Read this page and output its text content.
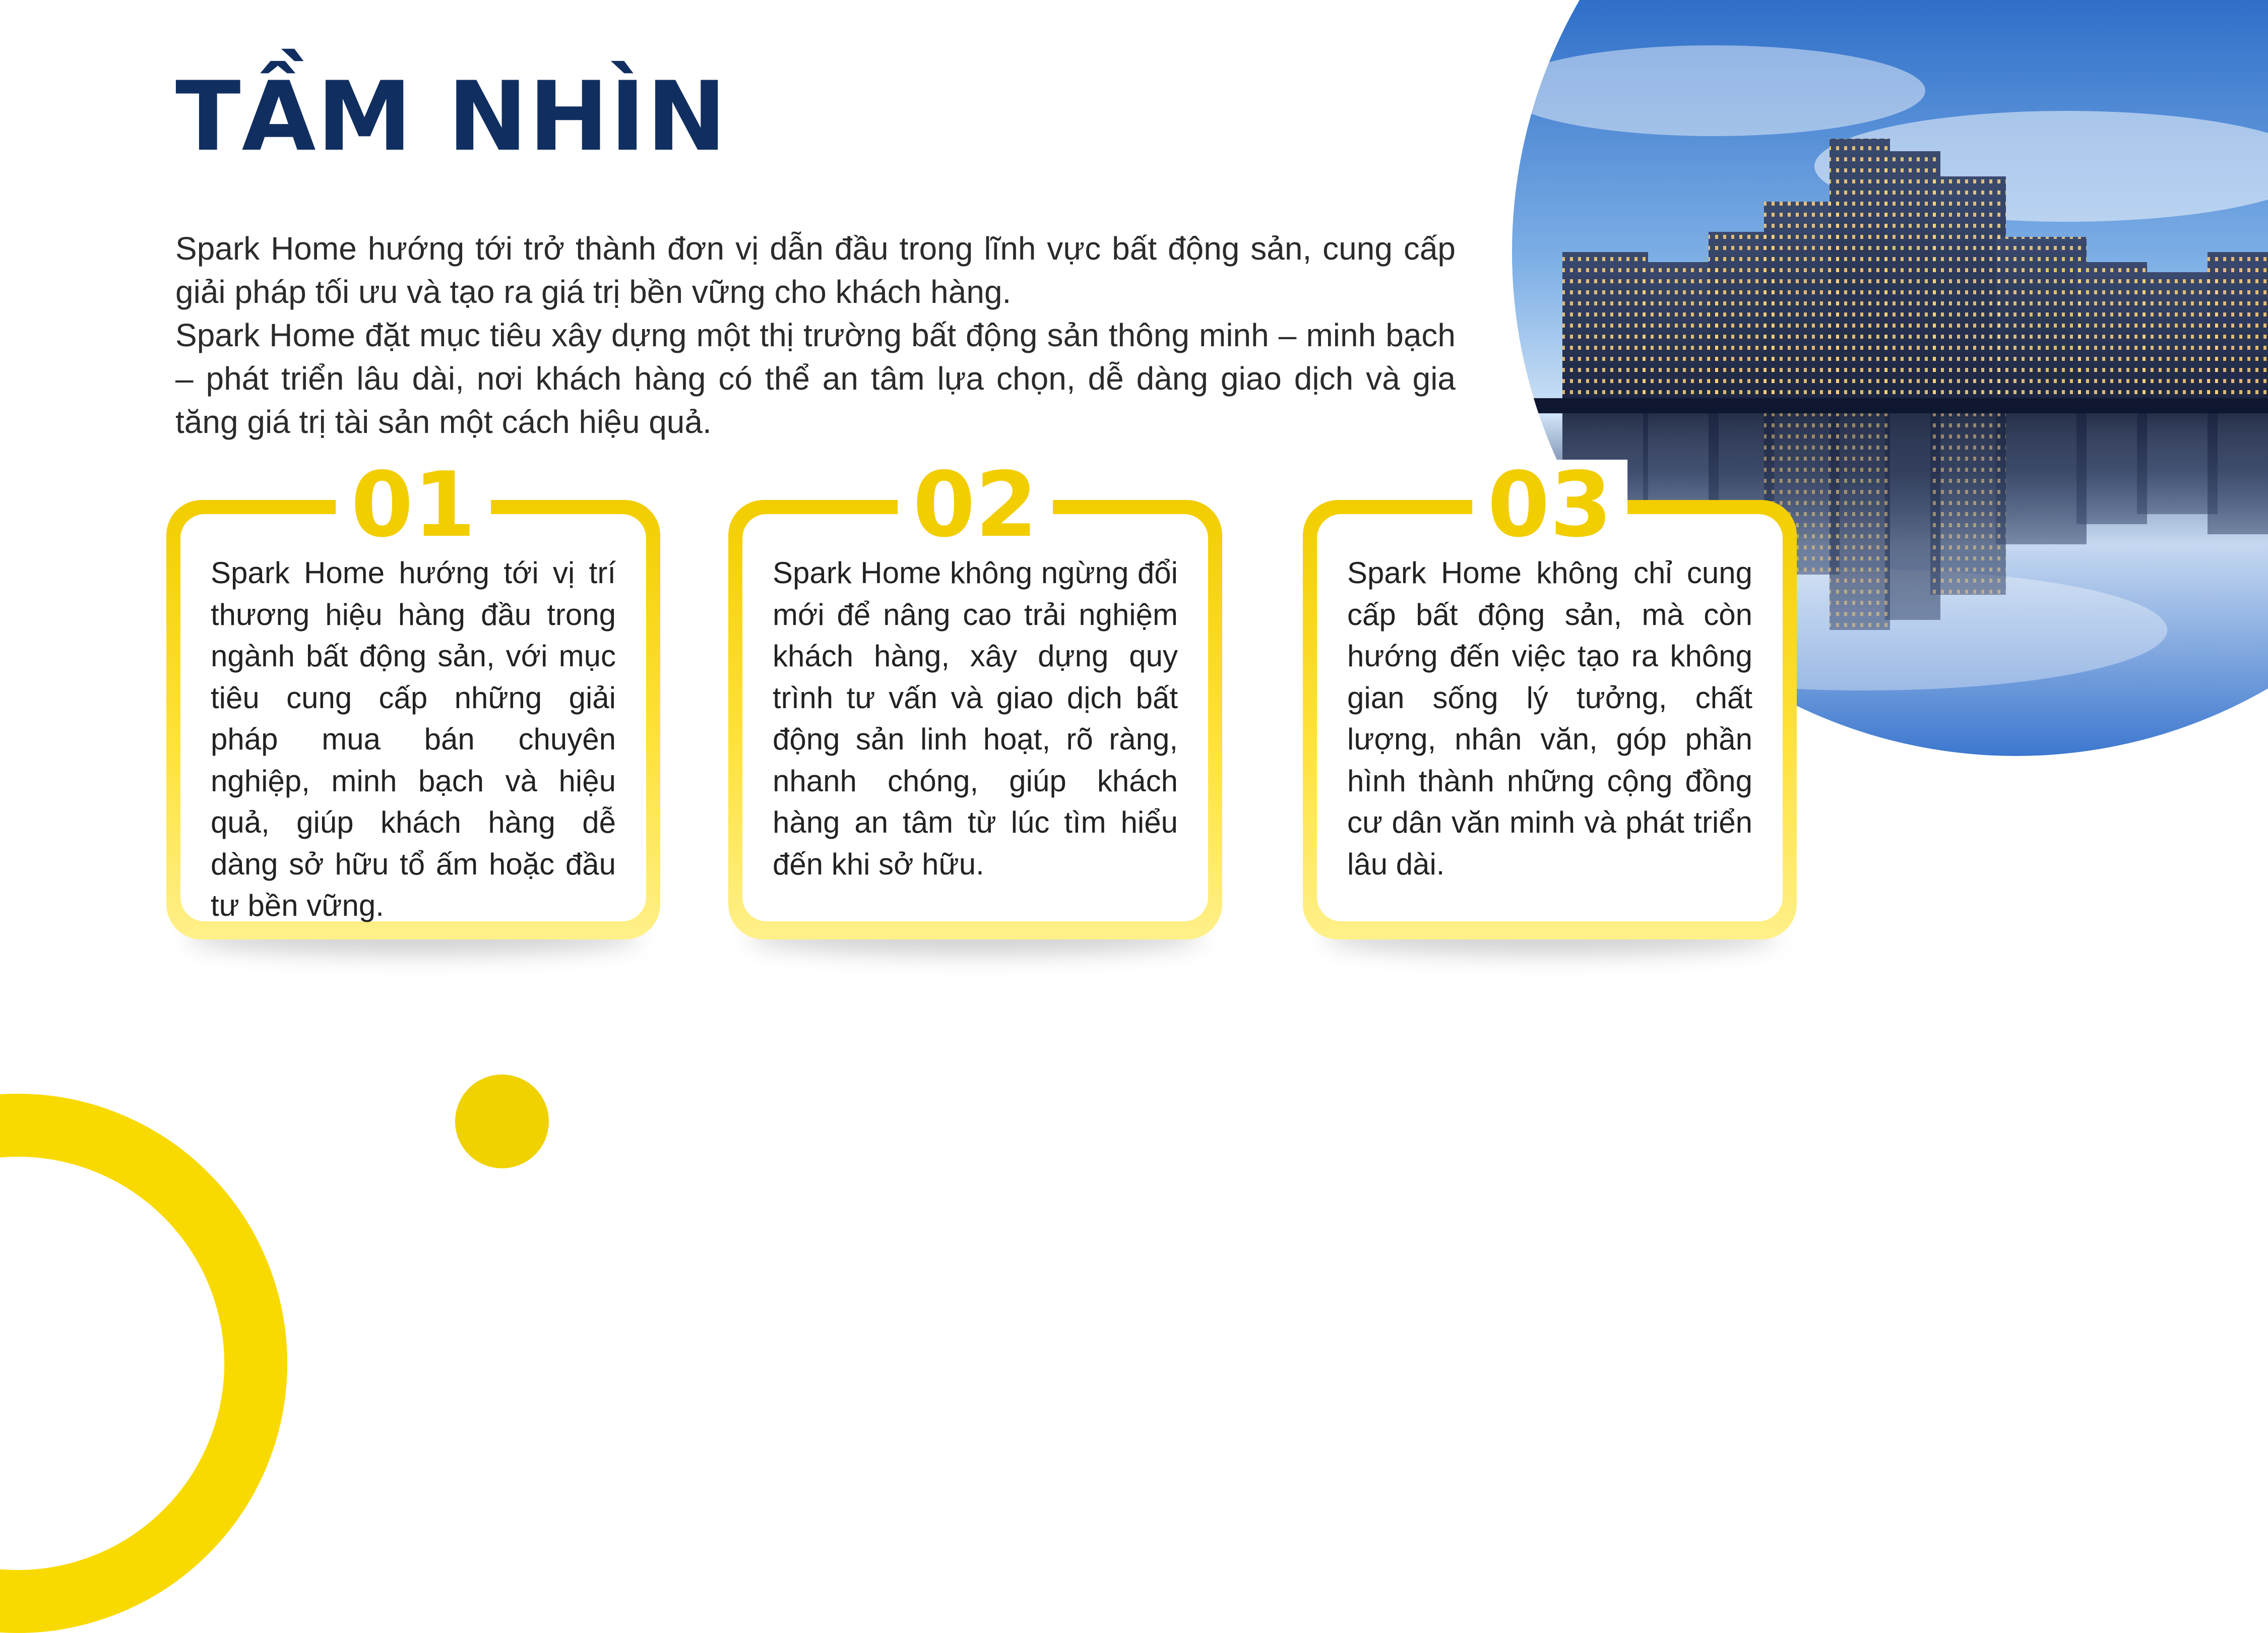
TẦM NHÌN

Spark Home hướng tới trở thành đơn vị dẫn đầu trong lĩnh vực bất động sản, cung cấp giải pháp tối ưu và tạo ra giá trị bền vững cho khách hàng.

Spark Home đặt mục tiêu xây dựng một thị trường bất động sản thông minh – minh bạch – phát triển lâu dài, nơi khách hàng có thể an tâm lựa chọn, dễ dàng giao dịch và gia tăng giá trị tài sản một cách hiệu quả.

Spark Home hướng tới vị trí thương hiệu hàng đầu trong ngành bất động sản, với mục tiêu cung cấp những giải pháp mua bán chuyên nghiệp, minh bạch và hiệu quả, giúp khách hàng dễ dàng sở hữu tổ ấm hoặc đầu tư bền vững.
01
Spark Home không ngừng đổi mới để nâng cao trải nghiệm khách hàng, xây dựng quy trình tư vấn và giao dịch bất động sản linh hoạt, rõ ràng, nhanh chóng, giúp khách hàng an tâm từ lúc tìm hiểu đến khi sở hữu.
02
Spark Home không chỉ cung cấp bất động sản, mà còn hướng đến việc tạo ra không gian sống lý tưởng, chất lượng, nhân văn, góp phần hình thành những cộng đồng cư dân văn minh và phát triển lâu dài.
03
